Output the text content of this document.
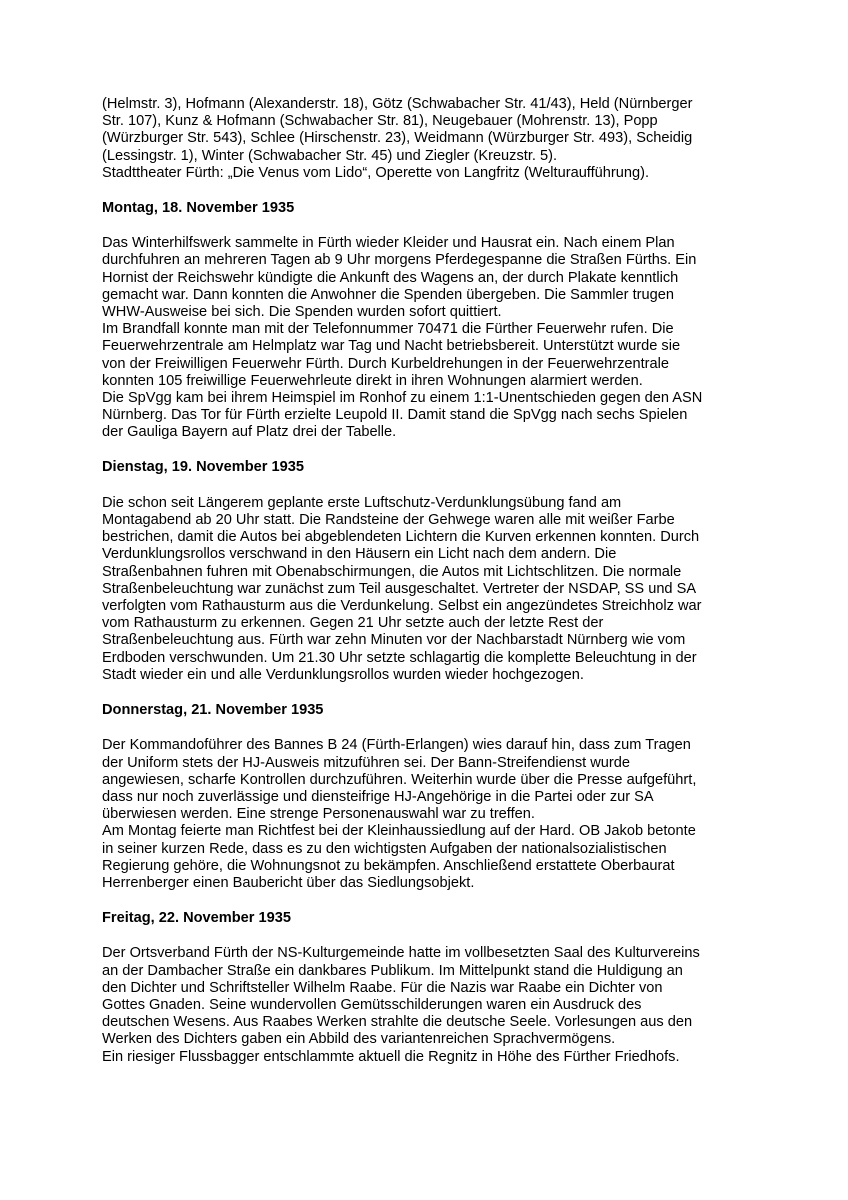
(Helmstr. 3), Hofmann (Alexanderstr. 18), Götz (Schwabacher Str. 41/43), Held (Nürnberger
Str. 107), Kunz & Hofmann (Schwabacher Str. 81), Neugebauer (Mohrenstr. 13), Popp
(Würzburger Str. 543), Schlee (Hirschenstr. 23), Weidmann (Würzburger Str. 493), Scheidig
(Lessingstr. 1), Winter (Schwabacher Str. 45) und Ziegler (Kreuzstr. 5).
Stadttheater Fürth: „Die Venus vom Lido“, Operette von Langfritz (Welturaufführung).
Montag, 18. November 1935
Das Winterhilfswerk sammelte in Fürth wieder Kleider und Hausrat ein. Nach einem Plan
durchfuhren an mehreren Tagen ab 9 Uhr morgens Pferdegespanne die Straßen Fürths. Ein
Hornist der Reichswehr kündigte die Ankunft des Wagens an, der durch Plakate kenntlich
gemacht war. Dann konnten die Anwohner die Spenden übergeben. Die Sammler trugen
WHW-Ausweise bei sich. Die Spenden wurden sofort quittiert.
Im Brandfall konnte man mit der Telefonnummer 70471 die Fürther Feuerwehr rufen. Die
Feuerwehrzentrale am Helmplatz war Tag und Nacht betriebsbereit. Unterstützt wurde sie
von der Freiwilligen Feuerwehr Fürth. Durch Kurbeldrehungen in der Feuerwehrzentrale
konnten 105 freiwillige Feuerwehrleute direkt in ihren Wohnungen alarmiert werden.
Die SpVgg kam bei ihrem Heimspiel im Ronhof zu einem 1:1-Unentschieden gegen den ASN
Nürnberg. Das Tor für Fürth erzielte Leupold II. Damit stand die SpVgg nach sechs Spielen
der Gauliga Bayern auf Platz drei der Tabelle.
Dienstag, 19. November 1935
Die schon seit Längerem geplante erste Luftschutz-Verdunklungsübung fand am
Montagabend ab 20 Uhr statt. Die Randsteine der Gehwege waren alle mit weißer Farbe
bestrichen, damit die Autos bei abgeblendeten Lichtern die Kurven erkennen konnten. Durch
Verdunklungsrollos verschwand in den Häusern ein Licht nach dem andern. Die
Straßenbahnen fuhren mit Obenabschirmungen, die Autos mit Lichtschlitzen. Die normale
Straßenbeleuchtung war zunächst zum Teil ausgeschaltet. Vertreter der NSDAP, SS und SA
verfolgten vom Rathausturm aus die Verdunkelung. Selbst ein angezündetes Streichholz war
vom Rathausturm zu erkennen. Gegen 21 Uhr setzte auch der letzte Rest der
Straßenbeleuchtung aus. Fürth war zehn Minuten vor der Nachbarstadt Nürnberg wie vom
Erdboden verschwunden. Um 21.30 Uhr setzte schlagartig die komplette Beleuchtung in der
Stadt wieder ein und alle Verdunklungsrollos wurden wieder hochgezogen.
Donnerstag, 21. November 1935
Der Kommandoführer des Bannes B 24 (Fürth-Erlangen) wies darauf hin, dass zum Tragen
der Uniform stets der HJ-Ausweis mitzuführen sei. Der Bann-Streifendienst wurde
angewiesen, scharfe Kontrollen durchzuführen. Weiterhin wurde über die Presse aufgeführt,
dass nur noch zuverlässige und diensteifrige HJ-Angehörige in die Partei oder zur SA
überwiesen werden. Eine strenge Personenauswahl war zu treffen.
Am Montag feierte man Richtfest bei der Kleinhaussiedlung auf der Hard. OB Jakob betonte
in seiner kurzen Rede, dass es zu den wichtigsten Aufgaben der nationalsozialistischen
Regierung gehöre, die Wohnungsnot zu bekämpfen. Anschließend erstattete Oberbaurat
Herrenberger einen Baubericht über das Siedlungsobjekt.
Freitag, 22. November 1935
Der Ortsverband Fürth der NS-Kulturgemeinde hatte im vollbesetzten Saal des Kulturvereins
an der Dambacher Straße ein dankbares Publikum. Im Mittelpunkt stand die Huldigung an
den Dichter und Schriftsteller Wilhelm Raabe. Für die Nazis war Raabe ein Dichter von
Gottes Gnaden. Seine wundervollen Gemütsschilderungen waren ein Ausdruck des
deutschen Wesens. Aus Raabes Werken strahlte die deutsche Seele. Vorlesungen aus den
Werken des Dichters gaben ein Abbild des variantenreichen Sprachvermögens.
Ein riesiger Flussbagger entschlammte aktuell die Regnitz in Höhe des Fürther Friedhofs.
